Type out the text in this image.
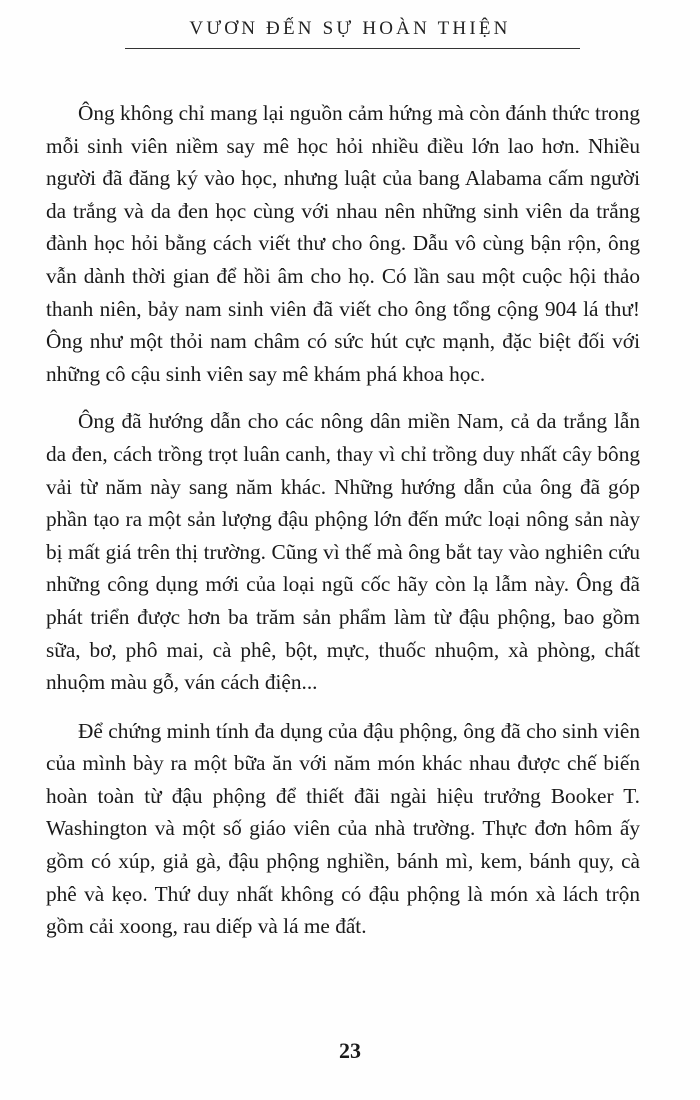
VƯƠN ĐẾN SỰ HOÀN THIỆN

Ông không chỉ mang lại nguồn cảm hứng mà còn đánh thức trong mỗi sinh viên niềm say mê học hỏi nhiều điều lớn lao hơn. Nhiều người đã đăng ký vào học, nhưng luật của bang Alabama cấm người da trắng và da đen học cùng với nhau nên những sinh viên da trắng đành học hỏi bằng cách viết thư cho ông. Dẫu vô cùng bận rộn, ông vẫn dành thời gian để hồi âm cho họ. Có lần sau một cuộc hội thảo thanh niên, bảy nam sinh viên đã viết cho ông tổng cộng 904 lá thư! Ông như một thỏi nam châm có sức hút cực mạnh, đặc biệt đối với những cô cậu sinh viên say mê khám phá khoa học.

Ông đã hướng dẫn cho các nông dân miền Nam, cả da trắng lẫn da đen, cách trồng trọt luân canh, thay vì chỉ trồng duy nhất cây bông vải từ năm này sang năm khác. Những hướng dẫn của ông đã góp phần tạo ra một sản lượng đậu phộng lớn đến mức loại nông sản này bị mất giá trên thị trường. Cũng vì thế mà ông bắt tay vào nghiên cứu những công dụng mới của loại ngũ cốc hãy còn lạ lẫm này. Ông đã phát triển được hơn ba trăm sản phẩm làm từ đậu phộng, bao gồm sữa, bơ, phô mai, cà phê, bột, mực, thuốc nhuộm, xà phòng, chất nhuộm màu gỗ, ván cách điện...

Để chứng minh tính đa dụng của đậu phộng, ông đã cho sinh viên của mình bày ra một bữa ăn với năm món khác nhau được chế biến hoàn toàn từ đậu phộng để thiết đãi ngài hiệu trưởng Booker T. Washington và một số giáo viên của nhà trường. Thực đơn hôm ấy gồm có xúp, giả gà, đậu phộng nghiền, bánh mì, kem, bánh quy, cà phê và kẹo. Thứ duy nhất không có đậu phộng là món xà lách trộn gồm cải xoong, rau diếp và lá me đất.

23
